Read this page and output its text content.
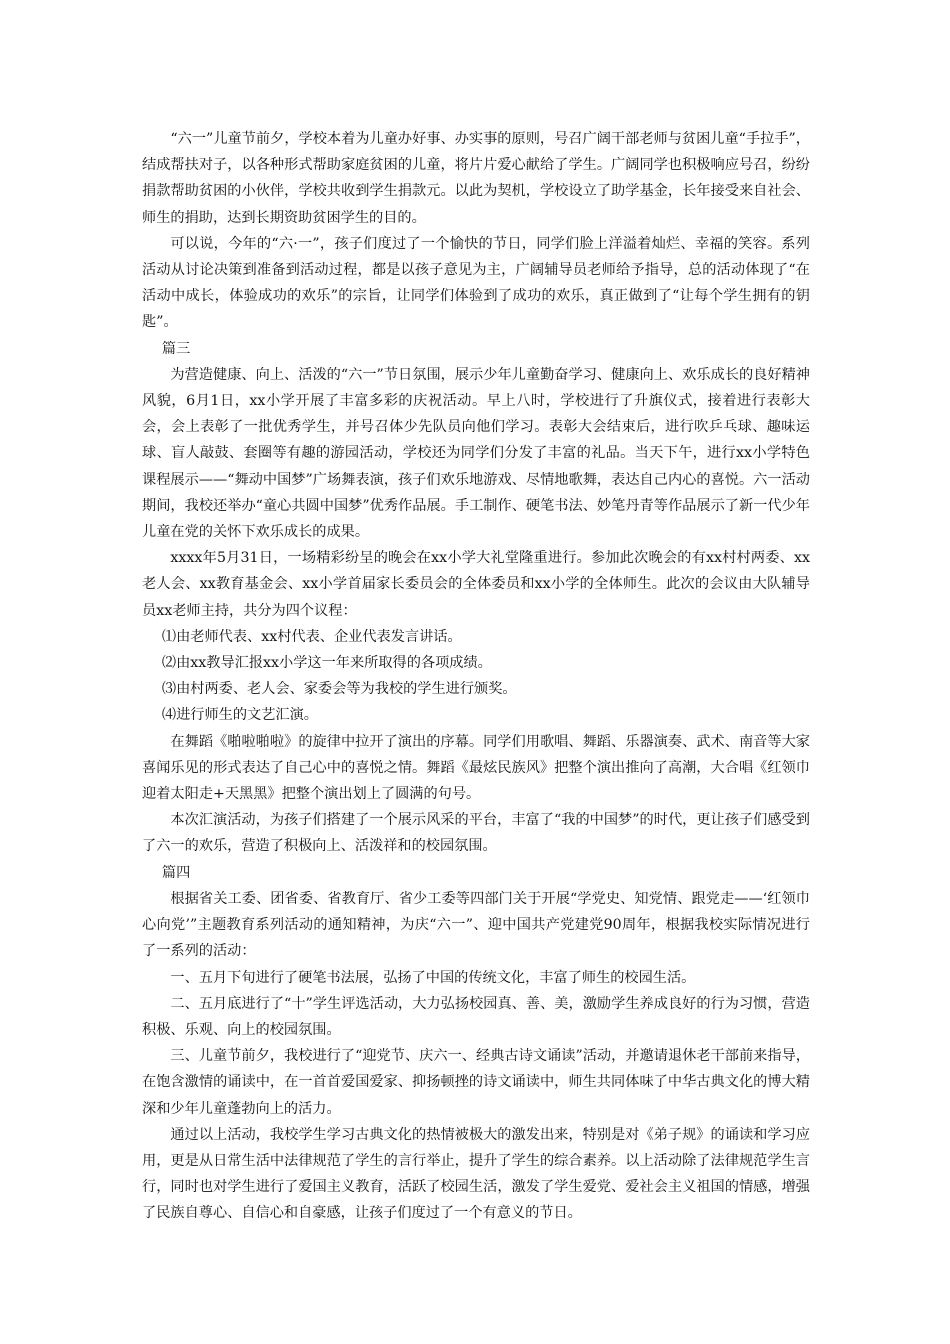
“六一”儿童节前夕，学校本着为儿童办好事、办实事的原则，号召广阔干部老师与贫困儿童“手拉手”，结成帮扶对子，以各种形式帮助家庭贫困的儿童，将片片爱心献给了学生。广阔同学也积极响应号召，纷纷捐款帮助贫困的小伙伴，学校共收到学生捐款元。以此为契机，学校设立了助学基金，长年接受来自社会、师生的捐助，达到长期资助贫困学生的目的。

可以说，今年的“六·一”，孩子们度过了一个愉快的节日，同学们脸上洋溢着灿烂、幸福的笑容。系列活动从讨论决策到准备到活动过程，都是以孩子意见为主，广阔辅导员老师给予指导，总的活动体现了“在活动中成长，体验成功的欢乐”的宗旨，让同学们体验到了成功的欢乐，真正做到了“让每个学生拥有的钥匙”。

篇三

为营造健康、向上、活泼的“六一”节日氛围，展示少年儿童勤奋学习、健康向上、欢乐成长的良好精神风貌，6月1日，xx小学开展了丰富多彩的庆祝活动。早上八时，学校进行了升旗仪式，接着进行表彰大会，会上表彰了一批优秀学生，并号召体少先队员向他们学习。表彰大会结束后，进行吹乒乓球、趣味运球、盲人敲鼓、套圈等有趣的游园活动，学校还为同学们分发了丰富的礼品。当天下午，进行xx小学特色课程展示——“舞动中国梦”广场舞表演，孩子们欢乐地游戏、尽情地歌舞，表达自己内心的喜悦。六一活动期间，我校还举办“童心共圆中国梦”优秀作品展。手工制作、硬笔书法、妙笔丹青等作品展示了新一代少年儿童在党的关怀下欢乐成长的成果。

xxxx年5月31日，一场精彩纷呈的晚会在xx小学大礼堂隆重进行。参加此次晚会的有xx村村两委、xx老人会、xx教育基金会、xx小学首届家长委员会的全体委员和xx小学的全体师生。此次的会议由大队辅导员xx老师主持，共分为四个议程：

⑴由老师代表、xx村代表、企业代表发言讲话。

⑵由xx教导汇报xx小学这一年来所取得的各项成绩。

⑶由村两委、老人会、家委会等为我校的学生进行颁奖。

⑷进行师生的文艺汇演。

在舞蹈《啪啦啪啦》的旋律中拉开了演出的序幕。同学们用歌唱、舞蹈、乐器演奏、武术、南音等大家喜闻乐见的形式表达了自己心中的喜悦之情。舞蹈《最炫民族风》把整个演出推向了高潮，大合唱《红领巾迎着太阳走+天黑黑》把整个演出划上了圆满的句号。

本次汇演活动，为孩子们搭建了一个展示风采的平台，丰富了“我的中国梦”的时代，更让孩子们感受到了六一的欢乐，营造了积极向上、活泼祥和的校园氛围。

篇四

根据省关工委、团省委、省教育厅、省少工委等四部门关于开展“学党史、知党情、跟党走——‘红领巾心向党’”主题教育系列活动的通知精神，为庆“六一”、迎中国共产党建党90周年，根据我校实际情况进行了一系列的活动：

一、五月下旬进行了硬笔书法展，弘扬了中国的传统文化，丰富了师生的校园生活。

二、五月底进行了“十”学生评选活动，大力弘扬校园真、善、美，激励学生养成良好的行为习惯，营造积极、乐观、向上的校园氛围。

三、儿童节前夕，我校进行了“迎党节、庆六一、经典古诗文诵读”活动，并邀请退休老干部前来指导，在饱含激情的诵读中，在一首首爱国爱家、抑扬顿挫的诗文诵读中，师生共同体味了中华古典文化的博大精深和少年儿童蓬勃向上的活力。

通过以上活动，我校学生学习古典文化的热情被极大的激发出来，特别是对《弟子规》的诵读和学习应用，更是从日常生活中法律规范了学生的言行举止，提升了学生的综合素养。以上活动除了法律规范学生言行，同时也对学生进行了爱国主义教育，活跃了校园生活，激发了学生爱党、爱社会主义祖国的情感，增强了民族自尊心、自信心和自豪感，让孩子们度过了一个有意义的节日。
